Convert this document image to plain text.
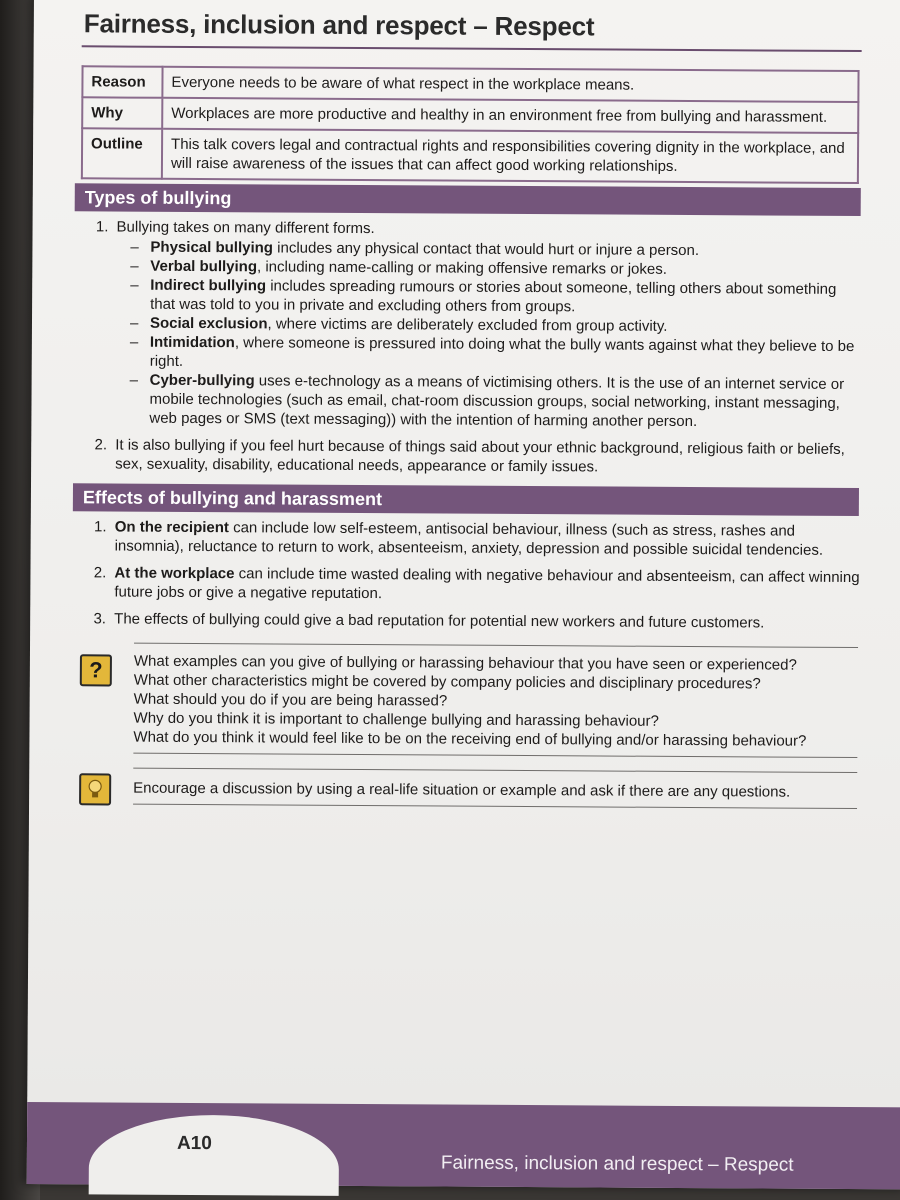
Fairness, inclusion and respect – Respect
Reason	Everyone needs to be aware of what respect in the workplace means.
Why	Workplaces are more productive and healthy in an environment free from bullying and harassment.
Outline	This talk covers legal and contractual rights and responsibilities covering dignity in the workplace, and will raise awareness of the issues that can affect good working relationships.
Types of bullying
1. Bullying takes on many different forms.
– Physical bullying includes any physical contact that would hurt or injure a person.
– Verbal bullying, including name-calling or making offensive remarks or jokes.
– Indirect bullying includes spreading rumours or stories about someone, telling others about something that was told to you in private and excluding others from groups.
– Social exclusion, where victims are deliberately excluded from group activity.
– Intimidation, where someone is pressured into doing what the bully wants against what they believe to be right.
– Cyber-bullying uses e-technology as a means of victimising others. It is the use of an internet service or mobile technologies (such as email, chat-room discussion groups, social networking, instant messaging, web pages or SMS (text messaging)) with the intention of harming another person.
2. It is also bullying if you feel hurt because of things said about your ethnic background, religious faith or beliefs, sex, sexuality, disability, educational needs, appearance or family issues.
Effects of bullying and harassment
1. On the recipient can include low self-esteem, antisocial behaviour, illness (such as stress, rashes and insomnia), reluctance to return to work, absenteeism, anxiety, depression and possible suicidal tendencies.
2. At the workplace can include time wasted dealing with negative behaviour and absenteeism, can affect winning future jobs or give a negative reputation.
3. The effects of bullying could give a bad reputation for potential new workers and future customers.
?	What examples can you give of bullying or harassing behaviour that you have seen or experienced?
What other characteristics might be covered by company policies and disciplinary procedures?
What should you do if you are being harassed?
Why do you think it is important to challenge bullying and harassing behaviour?
What do you think it would feel like to be on the receiving end of bullying and/or harassing behaviour?
Encourage a discussion by using a real-life situation or example and ask if there are any questions.
A10
Fairness, inclusion and respect – Respect
